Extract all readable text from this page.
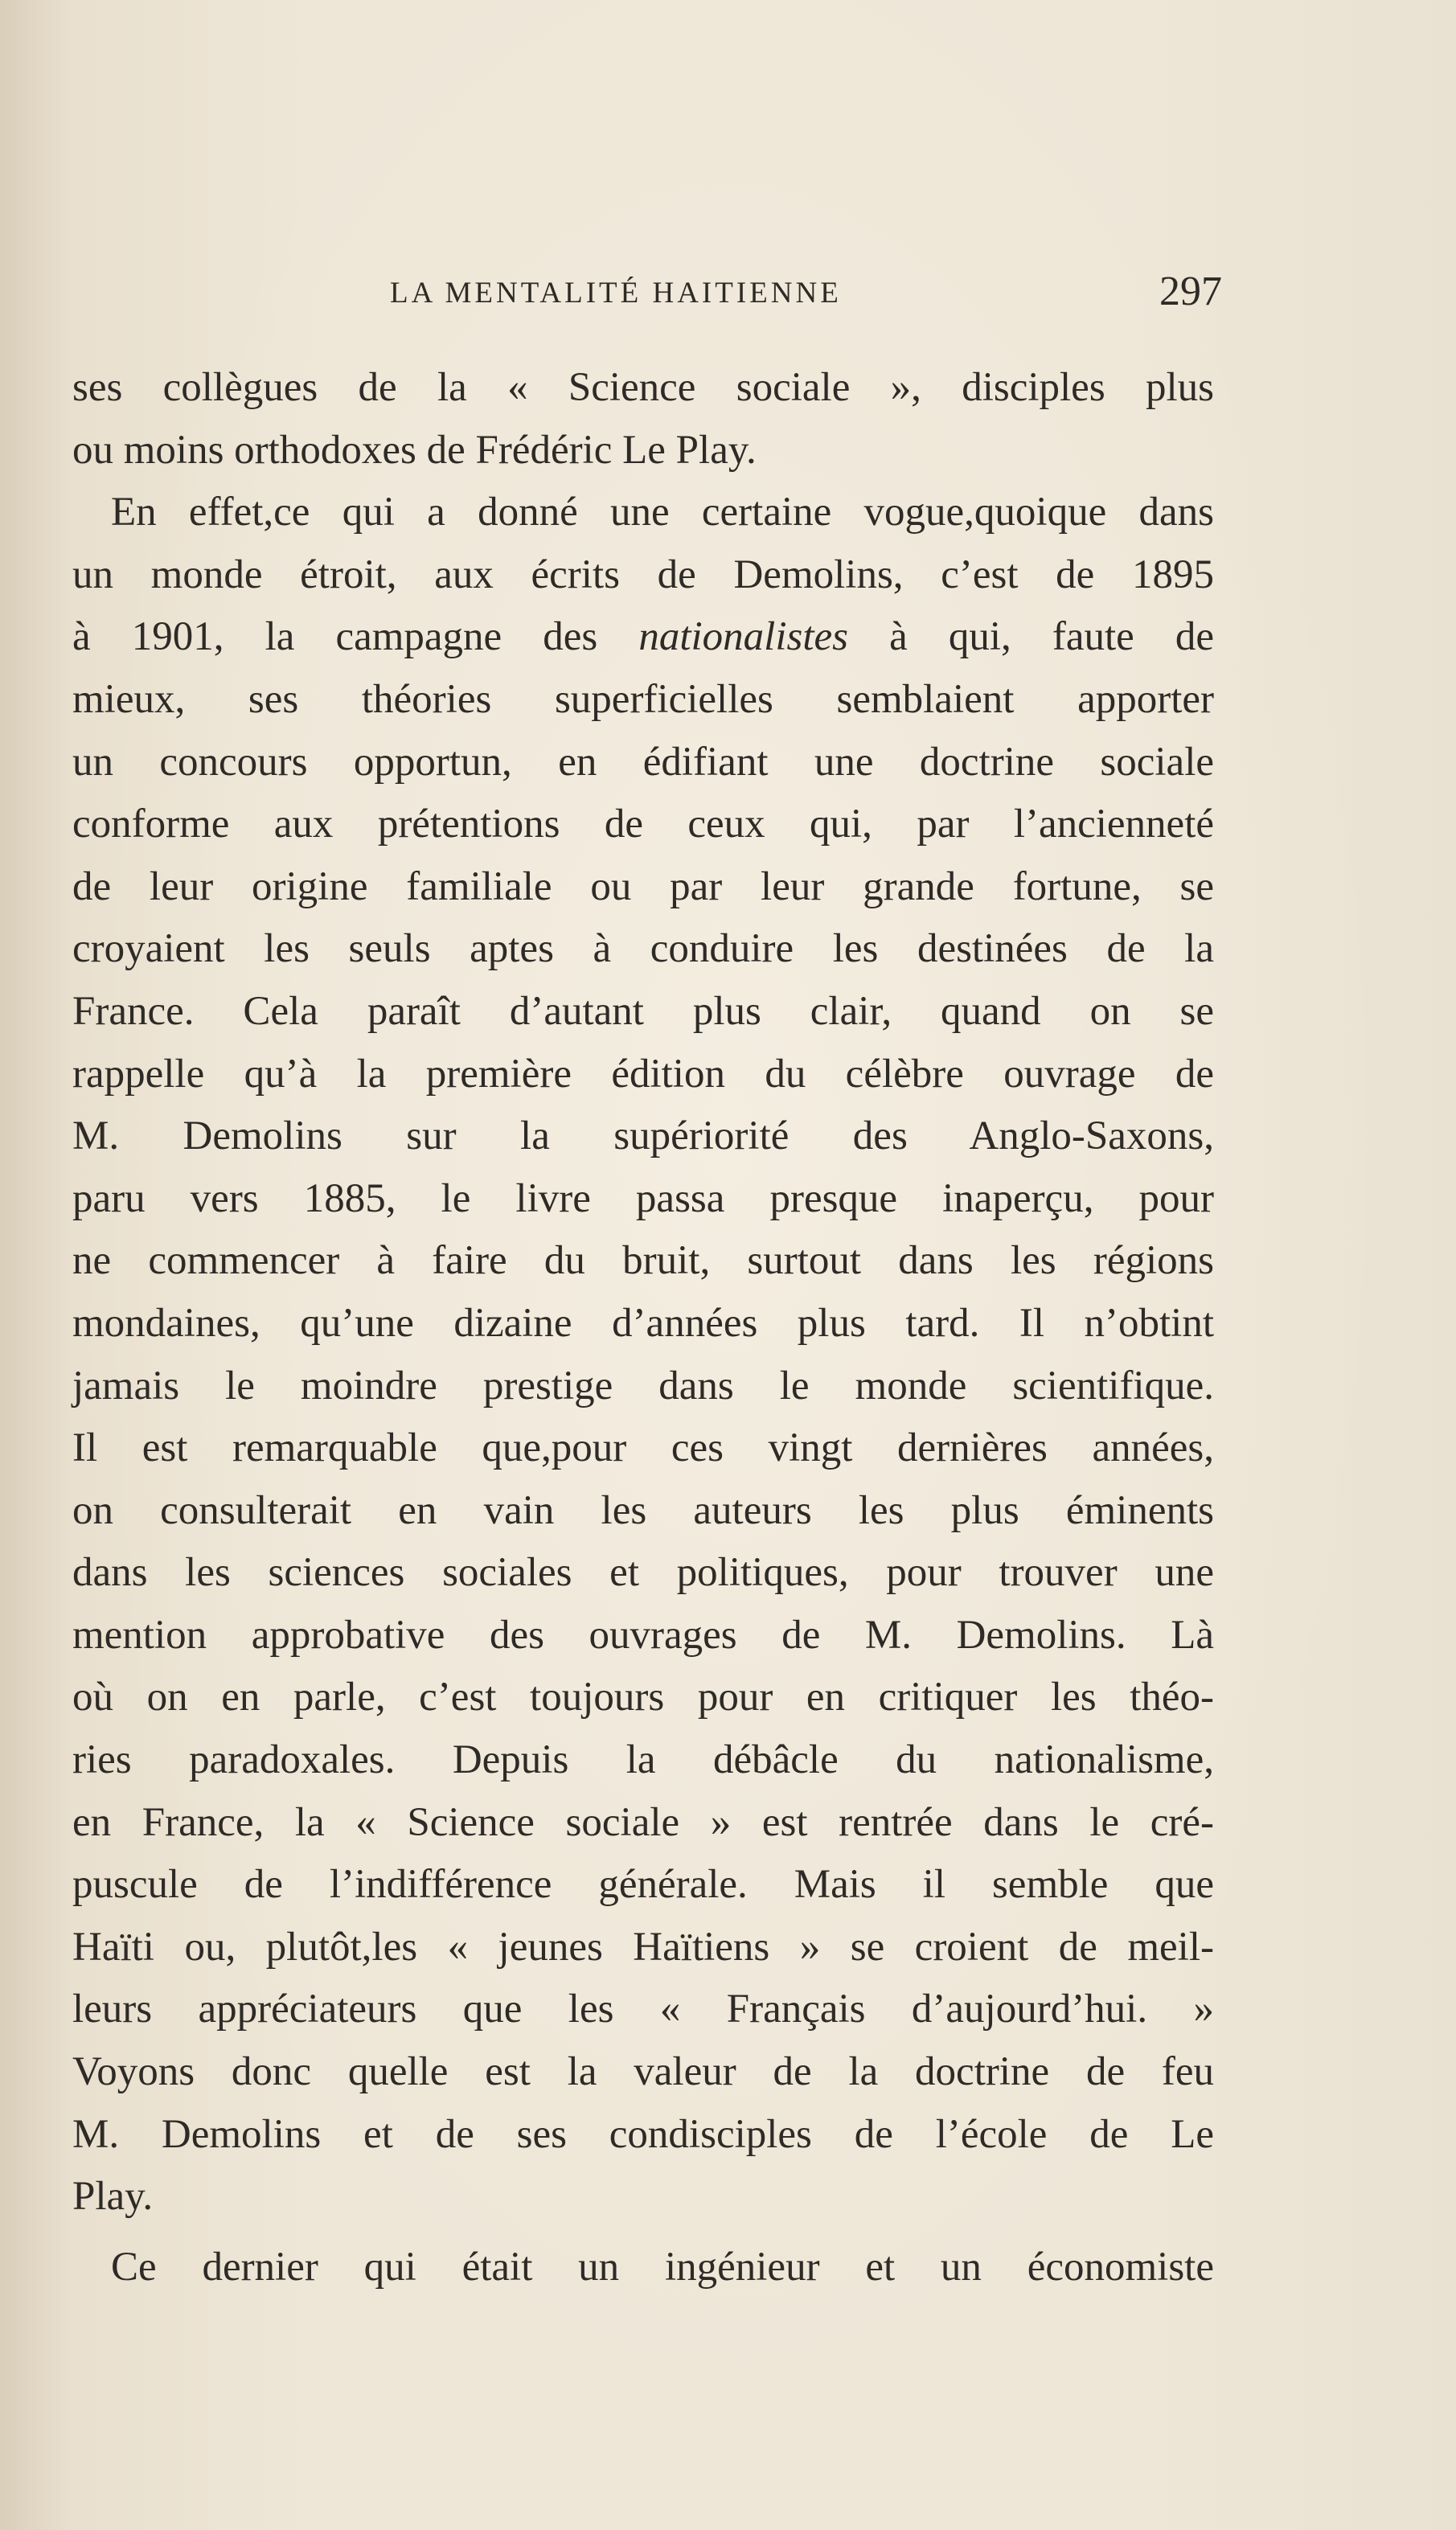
LA MENTALITÉ HAITIENNE	297
ses collègues de la « Science sociale », disciples plus
ou moins orthodoxes de Frédéric Le Play.
En effet,ce qui a donné une certaine vogue,quoique dans
un monde étroit, aux écrits de Demolins, c’est de 1895
à 1901, la campagne des nationalistes à qui, faute de
mieux, ses théories superficielles semblaient apporter
un concours opportun, en édifiant une doctrine sociale
conforme aux prétentions de ceux qui, par l’ancienneté
de leur origine familiale ou par leur grande fortune, se
croyaient les seuls aptes à conduire les destinées de la
France. Cela paraît d’autant plus clair, quand on se
rappelle qu’à la première édition du célèbre ouvrage de
M. Demolins sur la supériorité des Anglo-Saxons,
paru vers 1885, le livre passa presque inaperçu, pour
ne commencer à faire du bruit, surtout dans les régions
mondaines, qu’une dizaine d’années plus tard. Il n’obtint
jamais le moindre prestige dans le monde scientifique.
Il est remarquable que,pour ces vingt dernières années,
on consulterait en vain les auteurs les plus éminents
dans les sciences sociales et politiques, pour trouver une
mention approbative des ouvrages de M. Demolins. Là
où on en parle, c’est toujours pour en critiquer les théo-
ries paradoxales. Depuis la débâcle du nationalisme,
en France, la « Science sociale » est rentrée dans le cré-
puscule de l’indifférence générale. Mais il semble que
Haïti ou, plutôt,les « jeunes Haïtiens » se croient de meil-
leurs appréciateurs que les « Français d’aujourd’hui. »
Voyons donc quelle est la valeur de la doctrine de feu
M. Demolins et de ses condisciples de l’école de Le
Play.
Ce dernier qui était un ingénieur et un économiste
